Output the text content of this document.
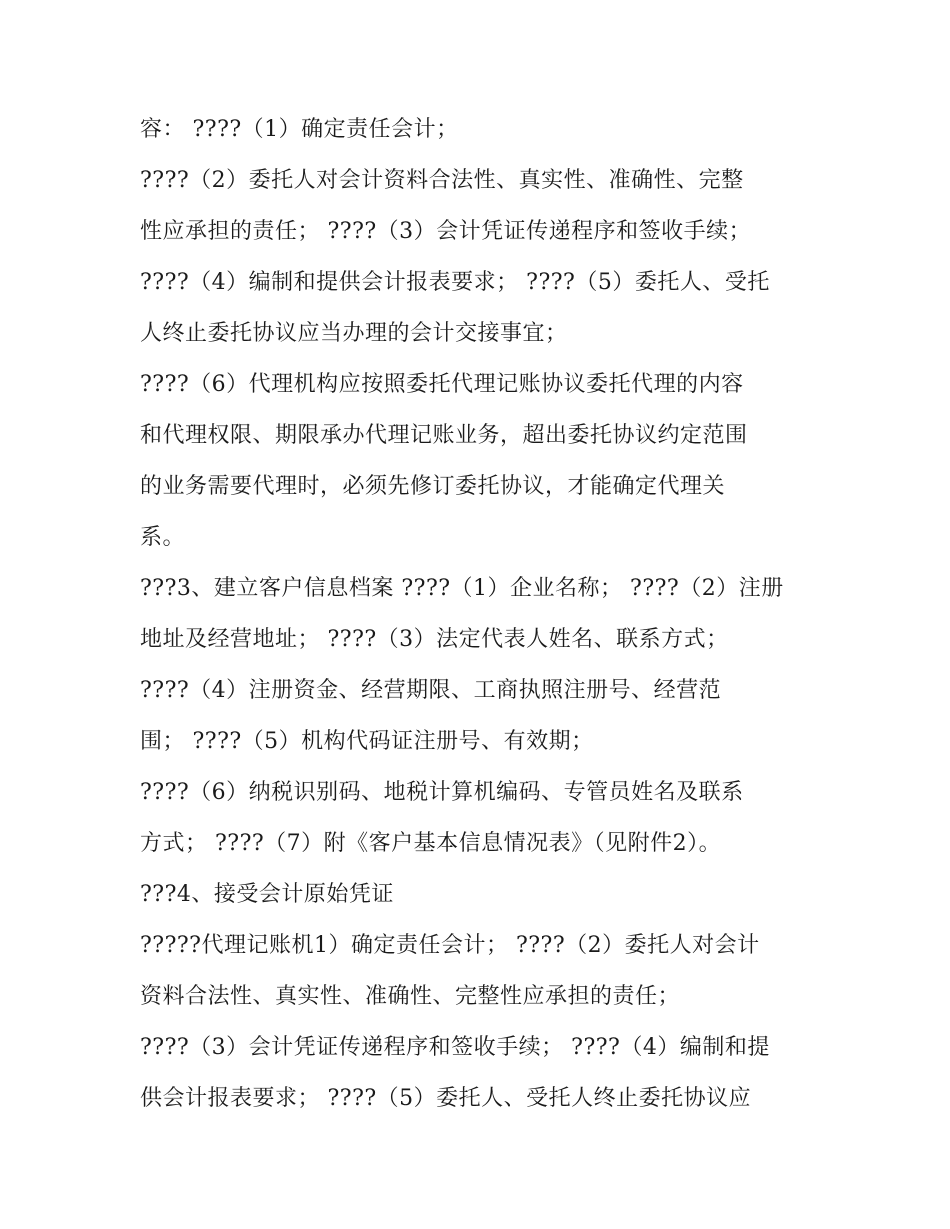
容： ????（1）确定责任会计；
????（2）委托人对会计资料合法性、真实性、准确性、完整
性应承担的责任； ????（3）会计凭证传递程序和签收手续；
????（4）编制和提供会计报表要求； ????（5）委托人、受托
人终止委托协议应当办理的会计交接事宜；
????（6）代理机构应按照委托代理记账协议委托代理的内容
和代理权限、期限承办代理记账业务，超出委托协议约定范围
的业务需要代理时，必须先修订委托协议，才能确定代理关
系。
???3、建立客户信息档案 ????（1）企业名称； ????（2）注册
地址及经营地址； ????（3）法定代表人姓名、联系方式；
????（4）注册资金、经营期限、工商执照注册号、经营范
围； ????（5）机构代码证注册号、有效期；
????（6）纳税识别码、地税计算机编码、专管员姓名及联系
方式； ????（7）附《客户基本信息情况表》（见附件2）。
???4、接受会计原始凭证
?????代理记账机1）确定责任会计； ????（2）委托人对会计
资料合法性、真实性、准确性、完整性应承担的责任；
????（3）会计凭证传递程序和签收手续； ????（4）编制和提
供会计报表要求； ????（5）委托人、受托人终止委托协议应
